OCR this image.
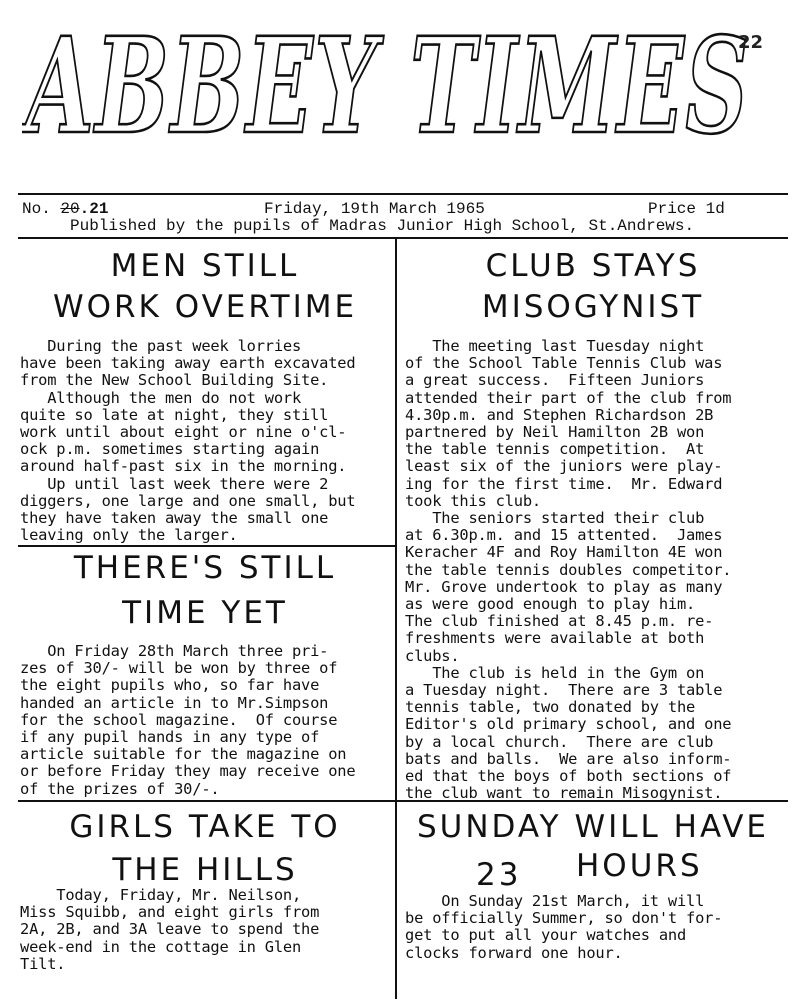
ABBEY TIMES
22
No. 20.21	Friday, 19th March 1965	Price 1d
Published by the pupils of Madras Junior High School, St.Andrews.
MEN STILL
WORK OVERTIME
During the past week lorries
have been taking away earth excavated
from the New School Building Site.
Although the men do not work
quite so late at night, they still
work until about eight or nine o'cl-
ock p.m. sometimes starting again
around half-past six in the morning.
Up until last week there were 2
diggers, one large and one small, but
they have taken away the small one
leaving only the larger.
CLUB STAYS
MISOGYNIST
The meeting last Tuesday night
of the School Table Tennis Club was
a great success.  Fifteen Juniors
attended their part of the club from
4.30p.m. and Stephen Richardson 2B
partnered by Neil Hamilton 2B won
the table tennis competition.  At
least six of the juniors were play-
ing for the first time.  Mr. Edward
took this club.
The seniors started their club
at 6.30p.m. and 15 attented.  James
Keracher 4F and Roy Hamilton 4E won
the table tennis doubles competitor.
Mr. Grove undertook to play as many
as were good enough to play him.
The club finished at 8.45 p.m. re-
freshments were available at both
clubs.
The club is held in the Gym on
a Tuesday night.  There are 3 table
tennis table, two donated by the
Editor's old primary school, and one
by a local church.  There are club
bats and balls.  We are also inform-
ed that the boys of both sections of
the club want to remain Misogynist.
THERE'S STILL
TIME YET
On Friday 28th March three pri-
zes of 30/- will be won by three of
the eight pupils who, so far have
handed an article in to Mr.Simpson
for the school magazine.  Of course
if any pupil hands in any type of
article suitable for the magazine on
or before Friday they may receive one
of the prizes of 30/-.
GIRLS TAKE TO
THE HILLS
Today, Friday, Mr. Neilson,
Miss Squibb, and eight girls from
2A, 2B, and 3A leave to spend the
week-end in the cottage in Glen
Tilt.
SUNDAY WILL HAVE
23 HOURS
On Sunday 21st March, it will
be officially Summer, so don't for-
get to put all your watches and
clocks forward one hour.
